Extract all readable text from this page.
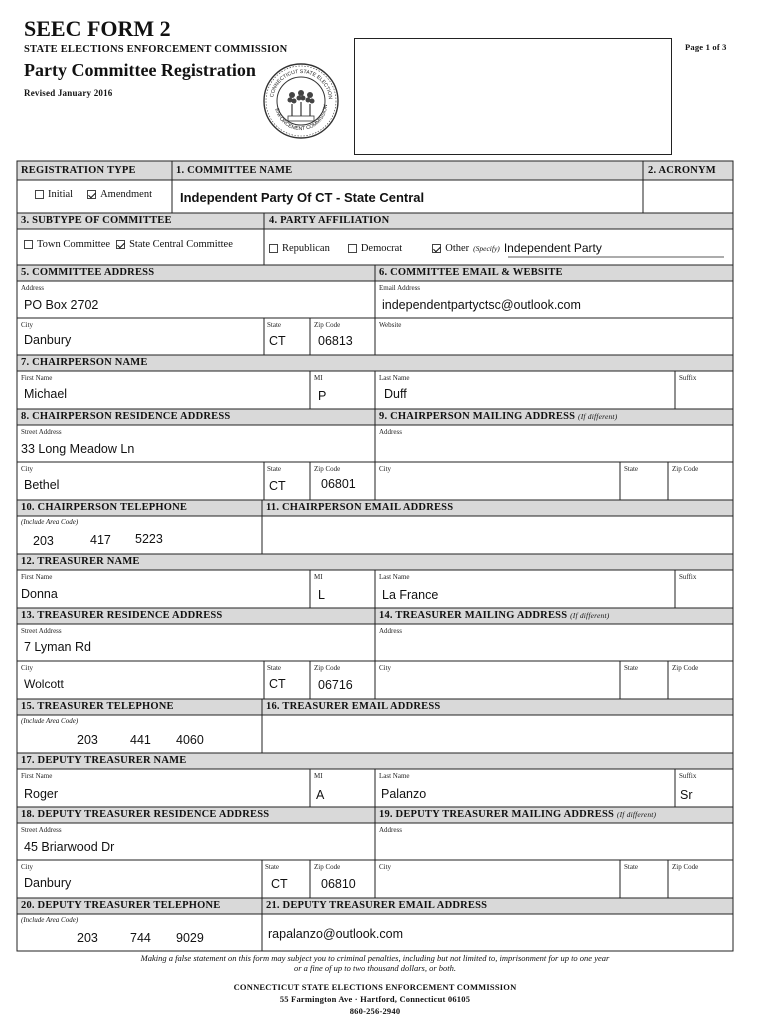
SEEC FORM 2
STATE ELECTIONS ENFORCEMENT COMMISSION
Party Committee Registration
Revised January 2016	CONNECTICUT STATE ELECTION
ENFORCEMENT COMMISSION
Page 1 of 3
REGISTRATION TYPE
Initial	Amendment
1. COMMITTEE NAME
Independent Party Of CT - State Central
2. ACRONYM
3. SUBTYPE OF COMMITTEE
Town Committee State Central Committee
4. PARTY AFFILIATION
Republican	Democrat	Other (Specify) Independent Party
5. COMMITTEE ADDRESS
Address
PO Box 2702
City
Danbury
State
CT
Zip Code
06813
6. COMMITTEE EMAIL & WEBSITE
Email Address
independentpartyctsc@outlook.com
Website
7. CHAIRPERSON NAME
First Name
Michael
MI
P
Last Name
Duff
Suffix
8. CHAIRPERSON RESIDENCE ADDRESS
Street Address
33 Long Meadow Ln
City
Bethel
State
CT
Zip Code
06801
9. CHAIRPERSON MAILING ADDRESS (If different)
Address
City	State	Zip Code
10. CHAIRPERSON TELEPHONE
(Include Area Code)
203	417 5223
11. CHAIRPERSON EMAIL ADDRESS
12. TREASURER NAME
First Name
Donna
MI
L
Last Name
La France
Suffix
13. TREASURER RESIDENCE ADDRESS
Street Address
7 Lyman Rd
City
Wolcott
State
CT
Zip Code
06716
14. TREASURER MAILING ADDRESS (If different)
Address
City	State	Zip Code
15. TREASURER TELEPHONE
(Include Area Code)
203	441 4060
16. TREASURER EMAIL ADDRESS
17. DEPUTY TREASURER NAME
First Name
Roger
MI
A
Last Name
Palanzo
Suffix
Sr
18. DEPUTY TREASURER RESIDENCE ADDRESS
Street Address
45 Briarwood Dr
City
Danbury
State
CT
Zip Code
06810
19. DEPUTY TREASURER MAILING ADDRESS (If different)
Address
City	State	Zip Code
20. DEPUTY TREASURER TELEPHONE
(Include Area Code)
203	744 9029
21. DEPUTY TREASURER EMAIL ADDRESS
rapalanzo@outlook.com
Making a false statement on this form may subject you to criminal penalties, including but not limited to, imprisonment for up to one year
or a fine of up to two thousand dollars, or both.
CONNECTICUT STATE ELECTIONS ENFORCEMENT COMMISSION
55 Farmington Ave · Hartford, Connecticut 06105
860-256-2940
